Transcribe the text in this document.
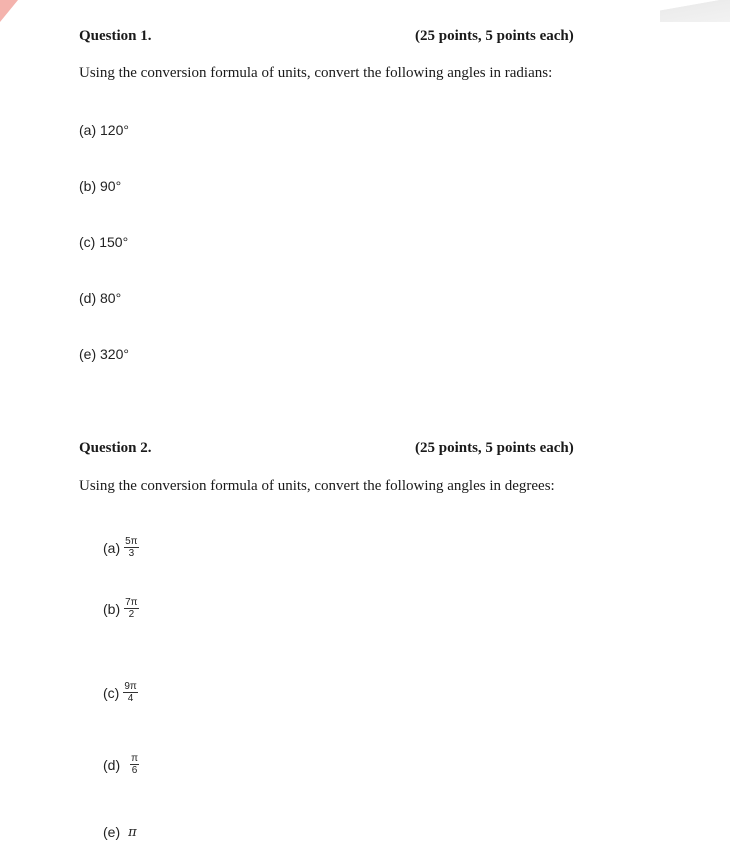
Question 1.	(25 points, 5 points each)
Using the conversion formula of units, convert the following angles in radians:
(a) 120°
(b) 90°
(c) 150°
(d) 80°
(e) 320°
Question 2.	(25 points, 5 points each)
Using the conversion formula of units, convert the following angles in degrees:
$(a) \frac{5\pi}{3}$
$(b) \frac{7\pi}{2}$
$(c) \frac{9\pi}{4}$
$(d) \frac{\pi}{6}$
(e) π
